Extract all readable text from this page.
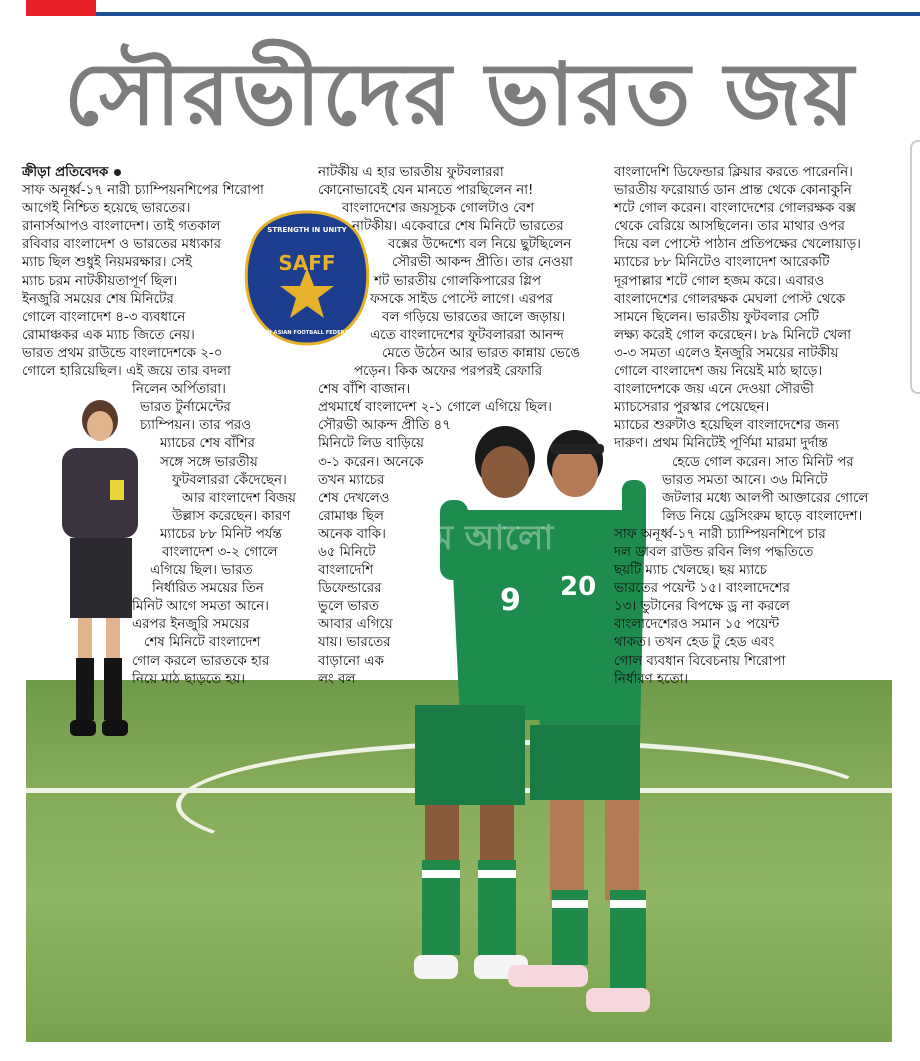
সৌরভীদের ভারত জয়
9 20
SAFF
STRENGTH IN UNITY
SOUTH ASIAN FOOTBALL FEDERATION
প্রথম আলো

ক্রীড়া প্রতিবেদক

সাফ অনূর্ধ্ব-১৭ নারী চ্যাম্পিয়নশিপের শিরোপা

আগেই নিশ্চিত হয়েছে ভারতের।

রানার্সআপও বাংলাদেশ। তাই গতকাল

রবিবার বাংলাদেশ ও ভারতের মধ্যকার

ম্যাচ ছিল শুধুই নিয়মরক্ষার। সেই

ম্যাচ চরম নাটকীয়তাপূর্ণ ছিল।

ইনজুরি সময়ের শেষ মিনিটের

গোলে বাংলাদেশ ৪-৩ ব্যবধানে

রোমাঞ্চকর এক ম্যাচ জিতে নেয়।

ভারত প্রথম রাউন্ডে বাংলাদেশকে ২-০

গোলে হারিয়েছিল। এই জয়ে তার বদলা

নিলেন অর্পিতারা।

ভারত টুর্নামেন্টের

চ্যাম্পিয়ন। তার পরও

ম্যাচের শেষ বাঁশির

সঙ্গে সঙ্গে ভারতীয়

ফুটবলাররা কেঁদেছেন।

আর বাংলাদেশ বিজয়

উল্লাস করেছেন। কারণ

ম্যাচের ৮৮ মিনিট পর্যন্ত

বাংলাদেশ ৩-২ গোলে

এগিয়ে ছিল। ভারত

নির্ধারিত সময়ের তিন

মিনিট আগে সমতা আনে।

এরপর ইনজুরি সময়ের

শেষ মিনিটে বাংলাদেশ

গোল করলে ভারতকে হার

নিয়ে মাঠ ছাড়তে হয়।

নাটকীয় এ হার ভারতীয় ফুটবলাররা

কোনোভাবেই যেন মানতে পারছিলেন না!

বাংলাদেশের জয়সূচক গোলটাও বেশ

নাটকীয়। একেবারে শেষ মিনিটে ভারতের

বক্সের উদ্দেশ্যে বল নিয়ে ছুটছিলেন

সৌরভী আকন্দ প্রীতি। তার নেওয়া

শট ভারতীয় গোলকিপারের গ্লিপ

ফসকে সাইড পোস্টে লাগে। এরপর

বল গড়িয়ে ভারতের জালে জড়ায়।

এতে বাংলাদেশের ফুটবলাররা আনন্দ

মেতে উঠেন আর ভারত কান্নায় ভেঙে

পড়েন। কিক অফের পরপরই রেফারি

শেষ বাঁশি বাজান।

প্রথমার্ধে বাংলাদেশ ২-১ গোলে এগিয়ে ছিল।

সৌরভী আকন্দ প্রীতি ৪৭

মিনিটে লিড বাড়িয়ে

৩-১ করেন। অনেকে

তখন ম্যাচের

শেষ দেখলেও

রোমাঞ্চ ছিল

অনেক বাকি।

৬৫ মিনিটে

বাংলাদেশি

ডিফেন্ডারের

ভুলে ভারত

আবার এগিয়ে

যায়। ভারতের

বাড়ানো এক

লং বল

বাংলাদেশি ডিফেন্ডার ক্লিয়ার করতে পারেননি।

ভারতীয় ফরোয়ার্ড ডান প্রান্ত থেকে কোনাকুনি

শটে গোল করেন। বাংলাদেশের গোলরক্ষক বক্স

থেকে বেরিয়ে আসছিলেন। তার মাথার ওপর

দিয়ে বল পোস্টে পাঠান প্রতিপক্ষের খেলোয়াড়।

ম্যাচের ৮৮ মিনিটেও বাংলাদেশ আরেকটি

দূরপাল্লার শটে গোল হজম করে। এবারও

বাংলাদেশের গোলরক্ষক মেঘলা পোস্ট থেকে

সামনে ছিলেন। ভারতীয় ফুটবলার সেটি

লক্ষ্য করেই গোল করেছেন। ৮৯ মিনিটে খেলা

৩-৩ সমতা এলেও ইনজুরি সময়ের নাটকীয়

গোলে বাংলাদেশ জয় নিয়েই মাঠ ছাড়ে।

বাংলাদেশকে জয় এনে দেওয়া সৌরভী

ম্যাচসেরার পুরস্কার পেয়েছেন।

ম্যাচের শুরুটাও হয়েছিল বাংলাদেশের জন্য

দারুণ। প্রথম মিনিটেই পূর্ণিমা মারমা দুর্দান্ত

হেডে গোল করেন। সাত মিনিট পর

ভারত সমতা আনে। ৩৬ মিনিটে

জটলার মধ্যে আলপী আক্তারের গোলে

লিড নিয়ে ড্রেসিংরুম ছাড়ে বাংলাদেশ।

সাফ অনূর্ধ্ব-১৭ নারী চ্যাম্পিয়নশিপে চার

দল ডাবল রাউন্ড রবিন লিগ পদ্ধতিতে

ছয়টি ম্যাচ খেলছে। ছয় ম্যাচে

ভারতের পয়েন্ট ১৫। বাংলাদেশের

১৩। ভুটানের বিপক্ষে ড্র না করলে

বাংলাদেশেরও সমান ১৫ পয়েন্ট

থাকত। তখন হেড টু হেড এবং

গোল ব্যবধান বিবেচনায় শিরোপা

নির্ধারণ হতো।
